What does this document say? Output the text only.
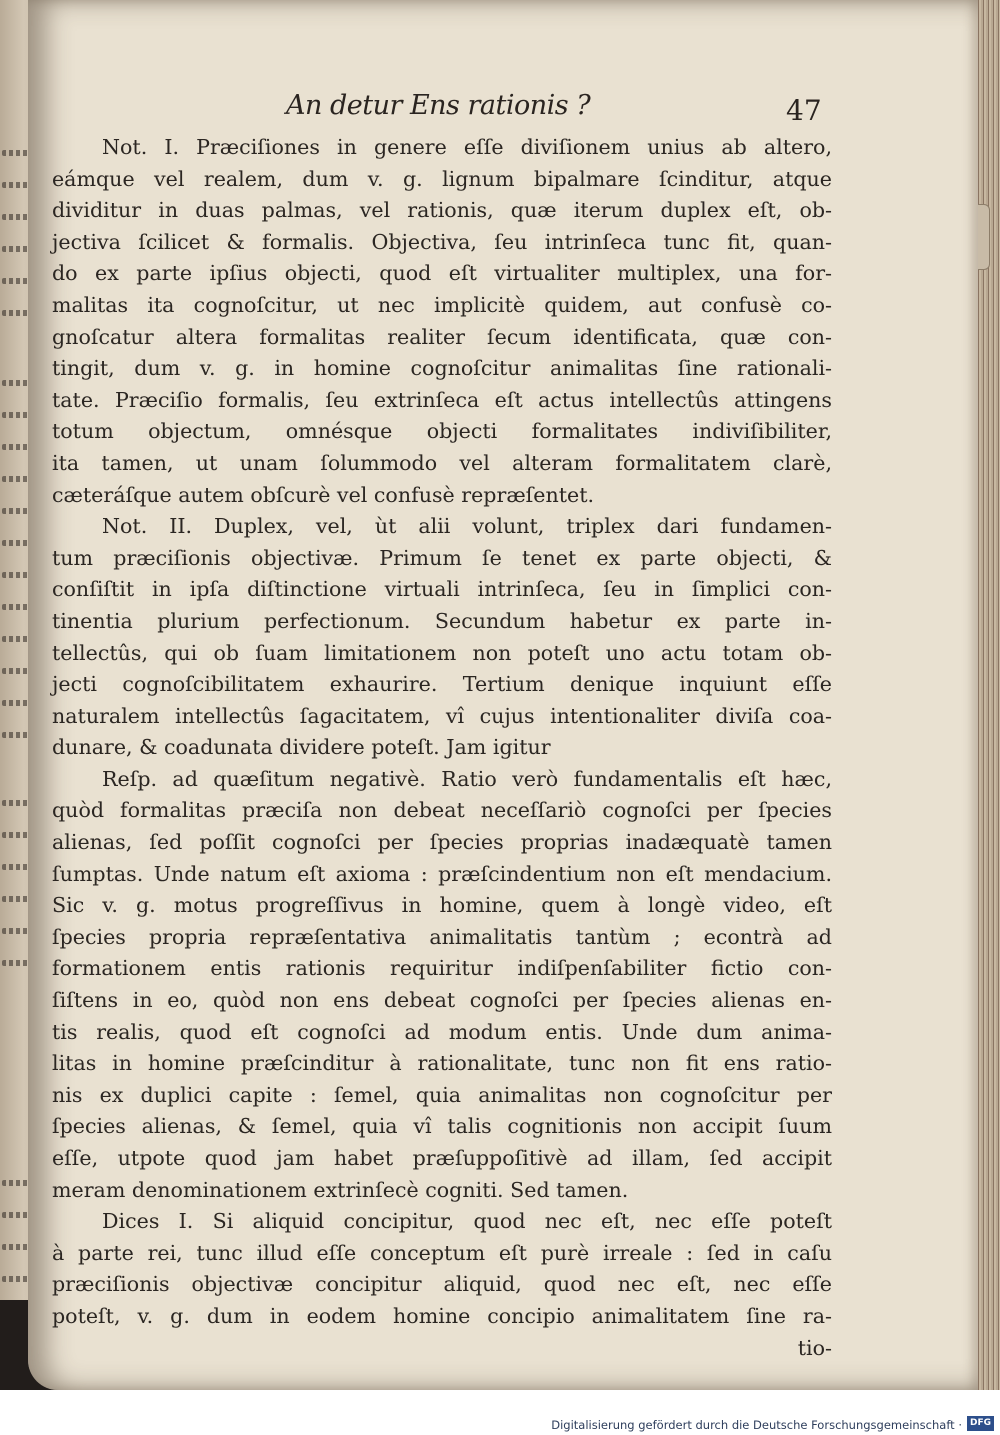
An detur Ens rationis ?	47
Not. I. Præciſiones in genere eſſe diviſionem unius ab altero,
eámque vel realem, dum v. g. lignum bipalmare ſcinditur, atque
dividitur in duas palmas, vel rationis, quæ iterum duplex eſt, ob-
jectiva ſcilicet & formalis. Objectiva, ſeu intrinſeca tunc fit, quan-
do ex parte ipſius objecti, quod eſt virtualiter multiplex, una for-
malitas ita cognoſcitur, ut nec implicitè quidem, aut confusè co-
gnoſcatur altera formalitas realiter ſecum identificata, quæ con-
tingit, dum v. g. in homine cognoſcitur animalitas ſine rationali-
tate. Præciſio formalis, ſeu extrinſeca eſt actus intellectûs attingens
totum objectum, omnésque objecti formalitates indiviſibiliter,
ita tamen, ut unam ſolummodo vel alteram formalitatem clarè,
cæteráſque autem obſcurè vel confusè repræſentet.
Not. II. Duplex, vel, ùt alii volunt, triplex dari fundamen-
tum præciſionis objectivæ. Primum ſe tenet ex parte objecti, &
conſiſtit in ipſa diſtinctione virtuali intrinſeca, ſeu in ſimplici con-
tinentia plurium perfectionum. Secundum habetur ex parte in-
tellectûs, qui ob ſuam limitationem non poteſt uno actu totam ob-
jecti cognoſcibilitatem exhaurire. Tertium denique inquiunt eſſe
naturalem intellectûs ſagacitatem, vî cujus intentionaliter diviſa coa-
dunare, & coadunata dividere poteſt. Jam igitur
Reſp. ad quæſitum negativè. Ratio verò fundamentalis eſt hæc,
quòd formalitas præciſa non debeat neceſſariò cognoſci per ſpecies
alienas, ſed poſſit cognoſci per ſpecies proprias inadæquatè tamen
ſumptas. Unde natum eſt axioma : præſcindentium non eſt mendacium.
Sic v. g. motus progreſſivus in homine, quem à longè video, eſt
ſpecies propria repræſentativa animalitatis tantùm ; econtrà ad
formationem entis rationis requiritur indiſpenſabiliter fictio con-
ſiſtens in eo, quòd non ens debeat cognoſci per ſpecies alienas en-
tis realis, quod eſt cognoſci ad modum entis. Unde dum anima-
litas in homine præſcinditur à rationalitate, tunc non fit ens ratio-
nis ex duplici capite : ſemel, quia animalitas non cognoſcitur per
ſpecies alienas, & ſemel, quia vî talis cognitionis non accipit ſuum
eſſe, utpote quod jam habet præſuppoſitivè ad illam, ſed accipit
meram denominationem extrinſecè cogniti. Sed tamen.
Dices I. Si aliquid concipitur, quod nec eſt, nec eſſe poteſt
à parte rei, tunc illud eſſe conceptum eſt purè irreale : ſed in caſu
præciſionis objectivæ concipitur aliquid, quod nec eſt, nec eſſe
poteſt, v. g. dum in eodem homine concipio animalitatem ſine ra-
tio-
Digitalisierung gefördert durch die Deutsche Forschungsgemeinschaft · DFG
